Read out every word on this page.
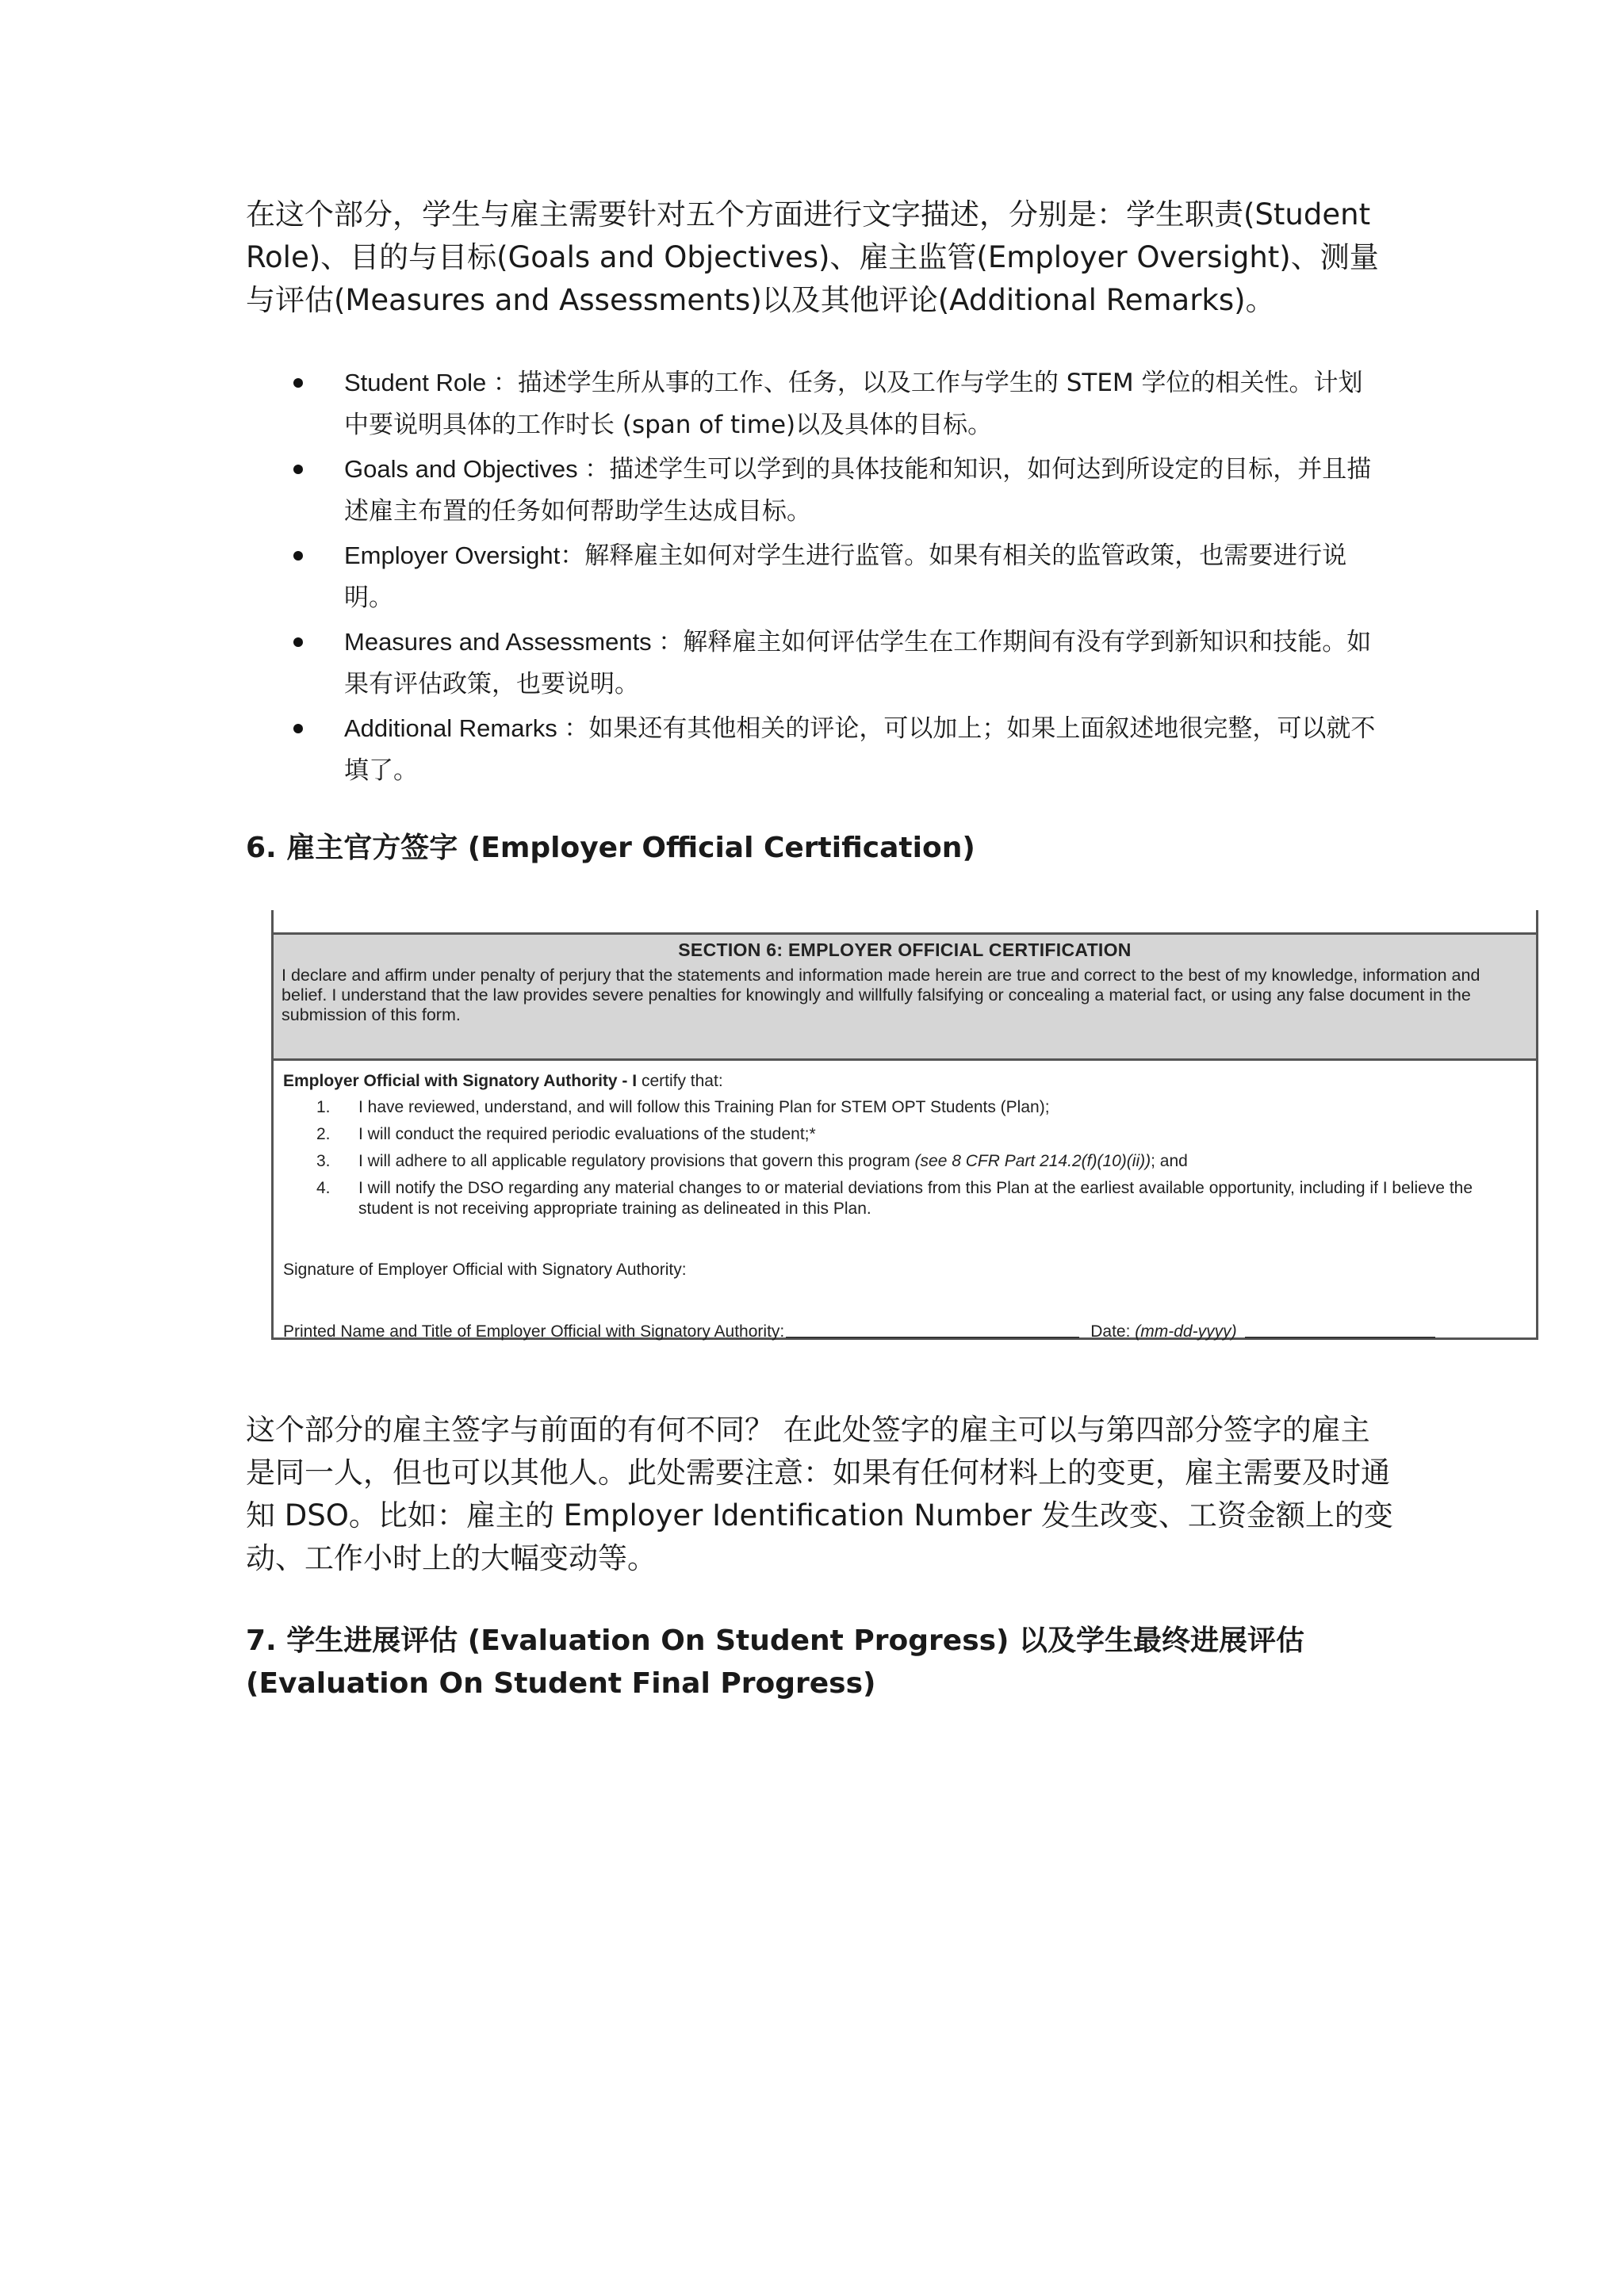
在这个部分，学生与雇主需要针对五个方面进行文字描述，分别是：学生职责(Student Role)、目的与目标(Goals and Objectives)、雇主监管(Employer Oversight)、测量与评估(Measures and Assessments)以及其他评论(Additional Remarks)。

Student Role ：描述学生所从事的工作、任务，以及工作与学生的 STEM 学位的相关性。计划中要说明具体的工作时长 (span of time)以及具体的目标。
Goals and Objectives ：描述学生可以学到的具体技能和知识，如何达到所设定的目标，并且描述雇主布置的任务如何帮助学生达成目标。
Employer Oversight：解释雇主如何对学生进行监管。如果有相关的监管政策，也需要进行说明。
Measures and Assessments ：解释雇主如何评估学生在工作期间有没有学到新知识和技能。如果有评估政策，也要说明。
Additional Remarks ：如果还有其他相关的评论，可以加上；如果上面叙述地很完整，可以就不填了。
6. 雇主官方签字 (Employer Official Certification)
SECTION 6: EMPLOYER OFFICIAL CERTIFICATION
I declare and affirm under penalty of perjury that the statements and information made herein are true and correct to the best of my knowledge, information and belief. I understand that the law provides severe penalties for knowingly and willfully falsifying or concealing a material fact, or using any false document in the submission of this form.
Employer Official with Signatory Authority - I certify that:
1. I have reviewed, understand, and will follow this Training Plan for STEM OPT Students (Plan);
2. I will conduct the required periodic evaluations of the student;*
3. I will adhere to all applicable regulatory provisions that govern this program (see 8 CFR Part 214.2(f)(10)(ii)); and
4. I will notify the DSO regarding any material changes to or material deviations from this Plan at the earliest available opportunity, including if I believe the student is not receiving appropriate training as delineated in this Plan.
Signature of Employer Official with Signatory Authority:
Printed Name and Title of Employer Official with Signatory Authority:	Date: (mm-dd-yyyy)

这个部分的雇主签字与前面的有何不同？ 在此处签字的雇主可以与第四部分签字的雇主是同一人，但也可以其他人。此处需要注意：如果有任何材料上的变更，雇主需要及时通知 DSO。比如：雇主的 Employer Identification Number 发生改变、工资金额上的变动、工作小时上的大幅变动等。

7. 学生进展评估 (Evaluation On Student Progress) 以及学生最终进展评估 (Evaluation On Student Final Progress)
